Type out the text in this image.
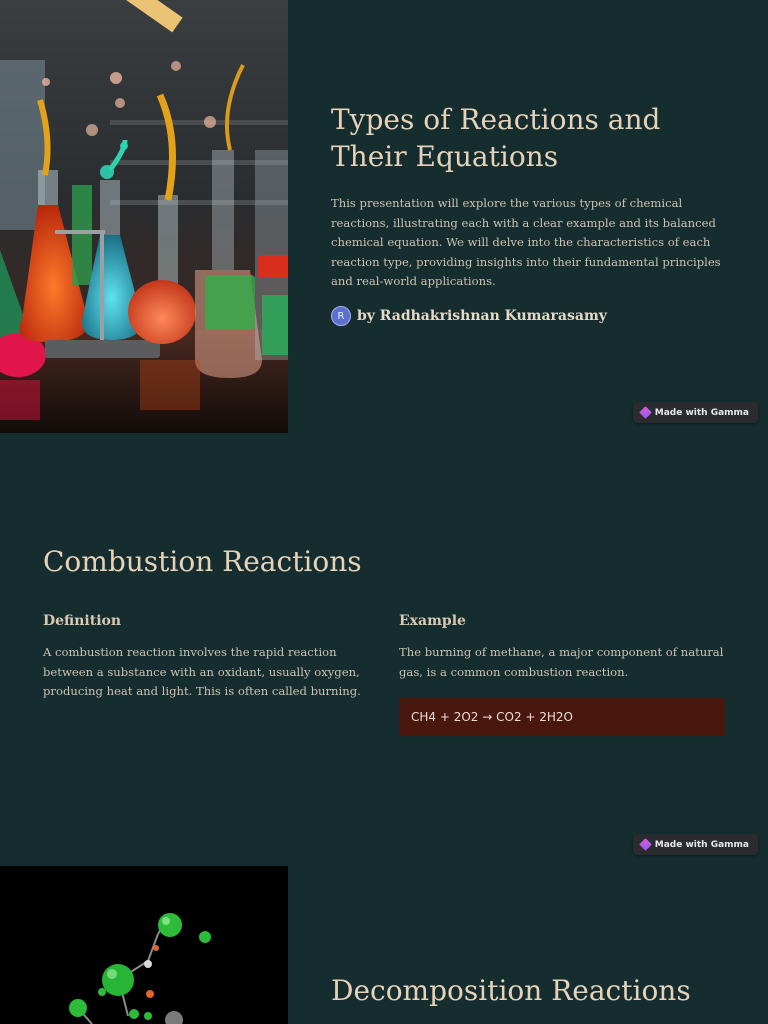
Types of Reactions and Their Equations

This presentation will explore the various types of chemical reactions, illustrating each with a clear example and its balanced chemical equation. We will delve into the characteristics of each reaction type, providing insights into their fundamental principles and real-world applications.

R by Radhakrishnan Kumarasamy
Made with Gamma
Combustion Reactions
Definition

A combustion reaction involves the rapid reaction between a substance with an oxidant, usually oxygen, producing heat and light. This is often called burning.

Example

The burning of methane, a major component of natural gas, is a common combustion reaction.

CH4 + 2O2 → CO2 + 2H2O
Made with Gamma
Decomposition Reactions
